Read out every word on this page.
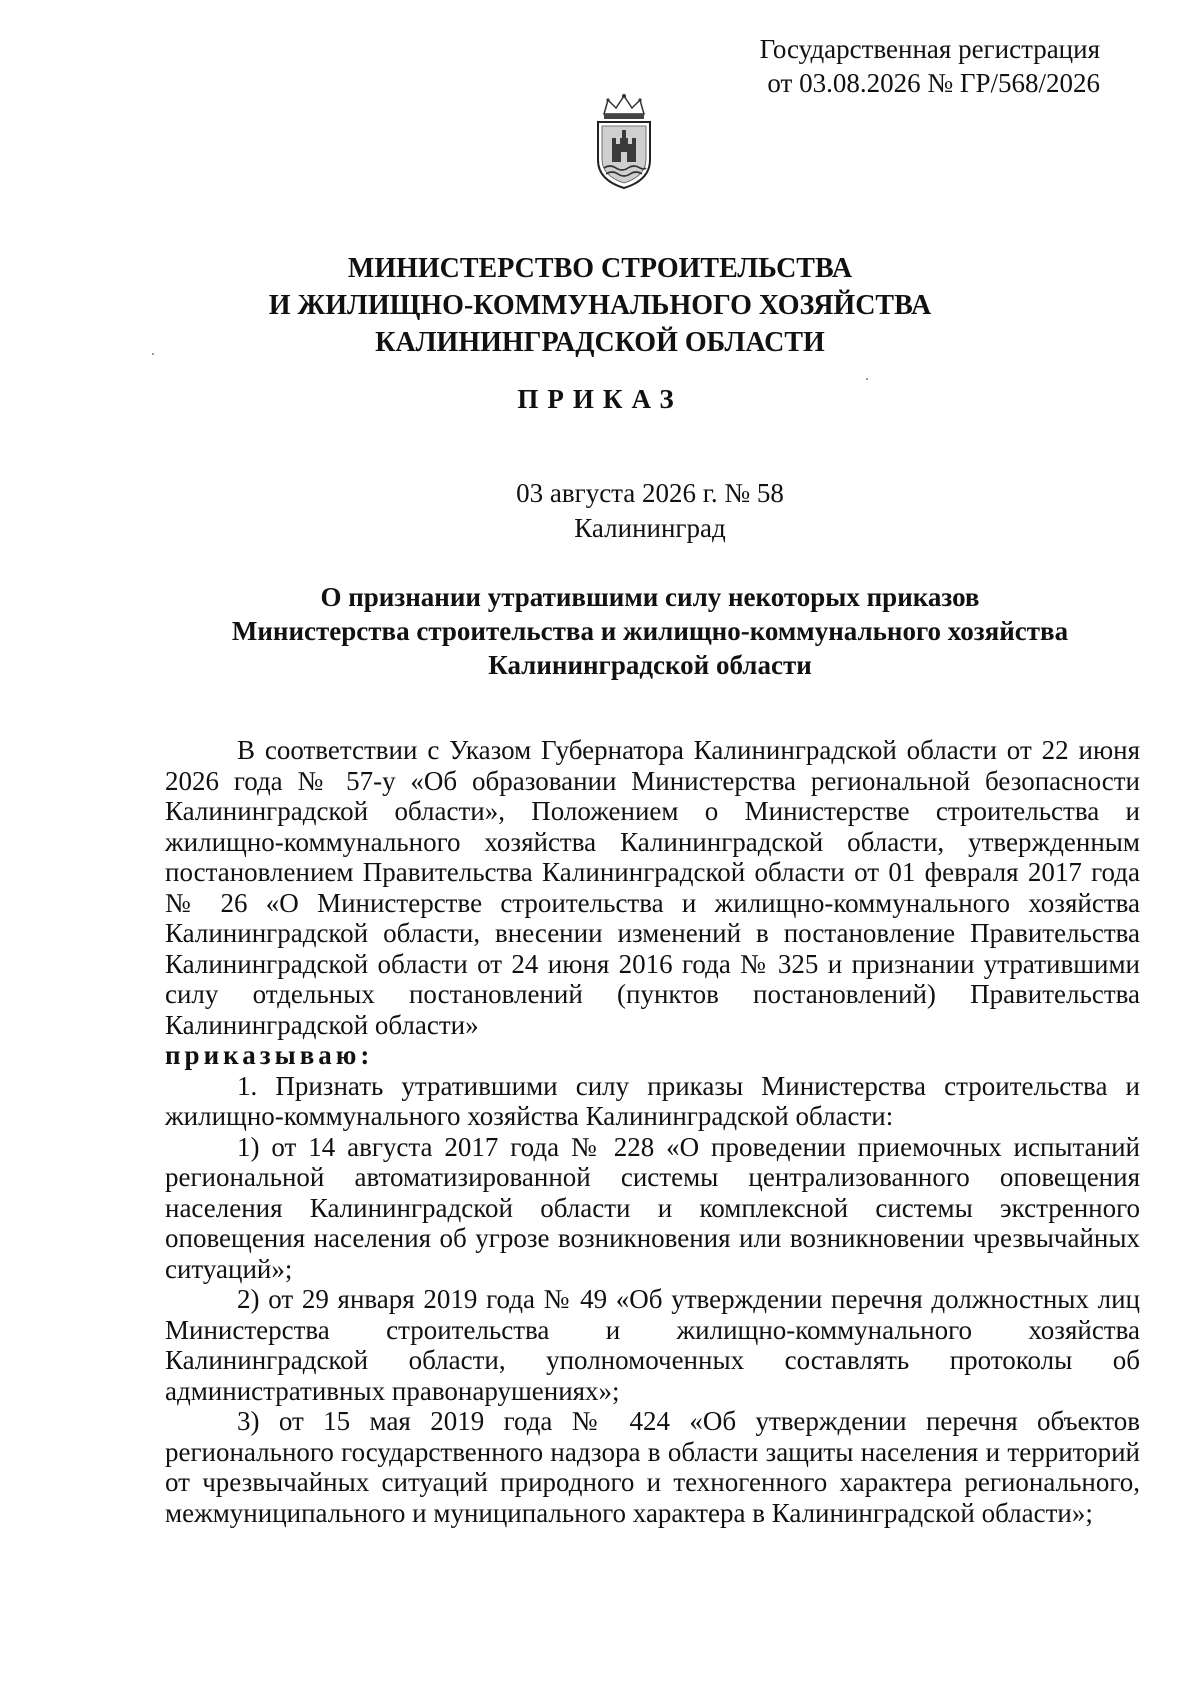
Государственная регистрация
от 03.08.2026 № ГР/568/2026
МИНИСТЕРСТВО СТРОИТЕЛЬСТВА
И ЖИЛИЩНО-КОММУНАЛЬНОГО ХОЗЯЙСТВА
КАЛИНИНГРАДСКОЙ ОБЛАСТИ
ПРИКАЗ
03 августа 2026 г. № 58
Калининград
О признании утратившими силу некоторых приказов
Министерства строительства и жилищно-коммунального хозяйства
Калининградской области

В соответствии с Указом Губернатора Калининградской области от 22 июня 2026 года № 57-у «Об образовании Министерства региональной безопасности Калининградской области», Положением о Министерстве строительства и жилищно-коммунального хозяйства Калининградской области, утвержденным постановлением Правительства Калининградской области от 01 февраля 2017 года № 26 «О Министерстве строительства и жилищно-коммунального хозяйства Калининградской области, внесении изменений в постановление Правительства Калининградской области от 24 июня 2016 года № 325 и признании утратившими силу отдельных постановлений (пунктов постановлений) Правительства Калининградской области»
приказываю:

1. Признать утратившими силу приказы Министерства строительства и жилищно-коммунального хозяйства Калининградской области:

1) от 14 августа 2017 года № 228 «О проведении приемочных испытаний региональной автоматизированной системы централизованного оповещения населения Калининградской области и комплексной системы экстренного оповещения населения об угрозе возникновения или возникновении чрезвычайных ситуаций»;

2) от 29 января 2019 года № 49 «Об утверждении перечня должностных лиц Министерства строительства и жилищно-коммунального хозяйства Калининградской области, уполномоченных составлять протоколы об административных правонарушениях»;

3) от 15 мая 2019 года № 424 «Об утверждении перечня объектов регионального государственного надзора в области защиты населения и территорий от чрезвычайных ситуаций природного и техногенного характера регионального, межмуниципального и муниципального характера в Калининградской области»;
